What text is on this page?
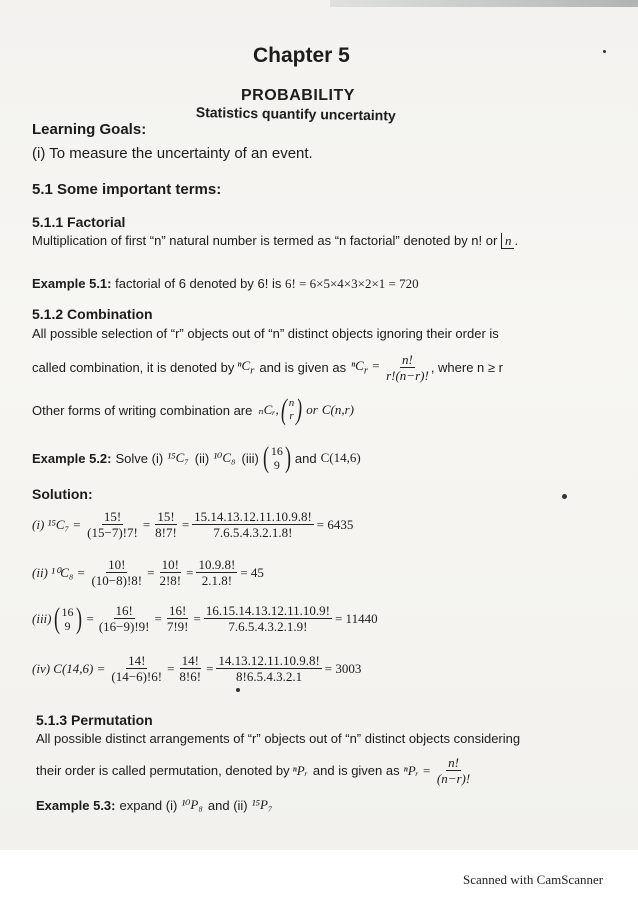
Chapter 5
PROBABILITY
Statistics quantify uncertainty
Learning Goals:
(i) To measure the uncertainty of an event.
5.1 Some important terms:
5.1.1 Factorial
Multiplication of first “n” natural number is termed as “n factorial” denoted by n! or n .
Example 5.1: factorial of 6 denoted by 6! is 6! = 6×5×4×3×2×1 = 720
5.1.2 Combination
All possible selection of “r” objects out of “n” distinct objects ignoring their order is
called combination, it is denoted by ⁿC$_r$ and is given as $^nC_r = \frac{n!}{r!(n-r)!}$ , where n ≥ r
Other forms of writing combination are ₙCᵣ, ( n
r ) or C(n,r)
Example 5.2: Solve (i) ¹⁵C₇ (ii) ¹⁰C₈ (iii) ( 16
9 ) and C(14,6)
Solution:
(i) $^{15}C_7 = \frac{15!}{(15-7)!7!} = \frac{15!}{8!7!} = \frac{15.14.13.12.11.10.9.8!}{7.6.5.4.3.2.1.8!} = 6435$
(ii) $^{10}C_8 = \frac{10!}{(10-8)!8!} = \frac{10!}{2!8!} = \frac{10.9.8!}{2.1.8!} = 45$
(iii) ( 16
9 ) = $\frac{16!}{(16-9)!9!} = \frac{16!}{7!9!} = \frac{16.15.14.13.12.11.10.9!}{7.6.5.4.3.2.1.9!} = 11440$
(iv) $C(14,6) = \frac{14!}{(14-6)!6!} = \frac{14!}{8!6!} = \frac{14.13.12.11.10.9.8!}{8!6.5.4.3.2.1} = 3003$
5.1.3 Permutation
All possible distinct arrangements of “r” objects out of “n” distinct objects considering
their order is called permutation, denoted by ⁿPᵣ and is given as ⁿPᵣ = $\frac{n!}{(n-r)!}$
Example 5.3: expand (i) ¹⁰P₈ and (ii) ¹⁵P₇
Scanned with CamScanner
